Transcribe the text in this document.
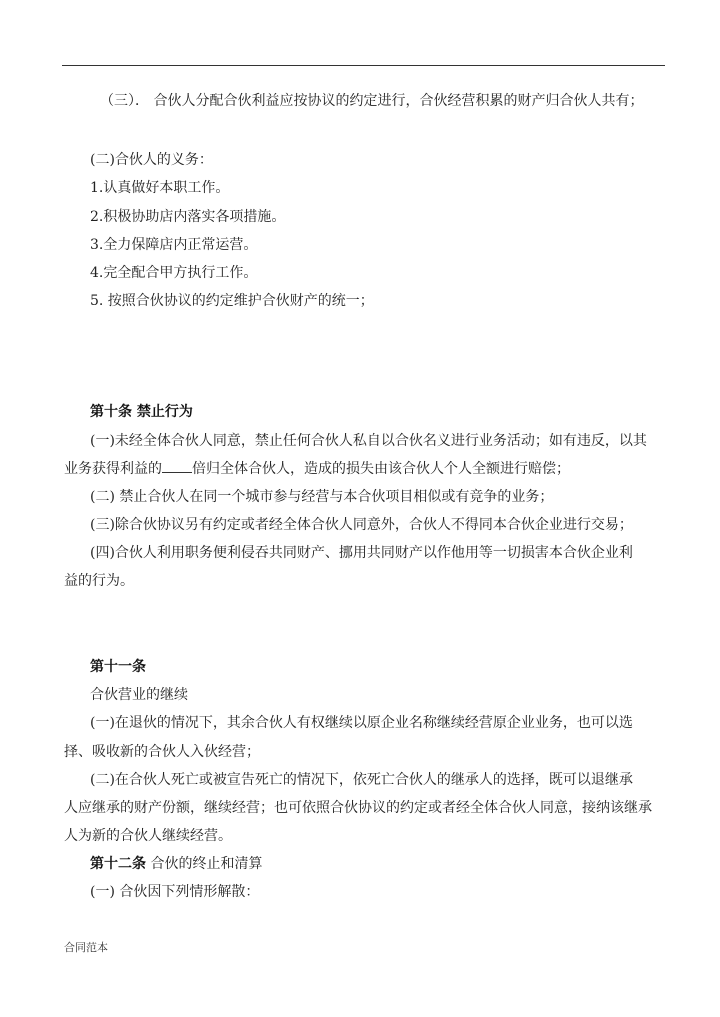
（三）． 合伙人分配合伙利益应按协议的约定进行，合伙经营积累的财产归合伙人共有；
(二)合伙人的义务：
1.认真做好本职工作。
2.积极协助店内落实各项措施。
3.全力保障店内正常运营。
4.完全配合甲方执行工作。
5. 按照合伙协议的约定维护合伙财产的统一；
第十条 禁止行为
(一)未经全体合伙人同意，禁止任何合伙人私自以合伙名义进行业务活动；如有违反，以其
业务获得利益的 倍归全体合伙人，造成的损失由该合伙人个人全额进行赔偿；
(二) 禁止合伙人在同一个城市参与经营与本合伙项目相似或有竞争的业务；
(三)除合伙协议另有约定或者经全体合伙人同意外，合伙人不得同本合伙企业进行交易；
(四)合伙人利用职务便利侵吞共同财产、挪用共同财产以作他用等一切损害本合伙企业利
益的行为。
第十一条
合伙营业的继续
(一)在退伙的情况下，其余合伙人有权继续以原企业名称继续经营原企业业务，也可以选
择、吸收新的合伙人入伙经营；
(二)在合伙人死亡或被宣告死亡的情况下，依死亡合伙人的继承人的选择，既可以退继承
人应继承的财产份额，继续经营；也可依照合伙协议的约定或者经全体合伙人同意，接纳该继承
人为新的合伙人继续经营。
第十二条 合伙的终止和清算
(一) 合伙因下列情形解散：
合同范本
